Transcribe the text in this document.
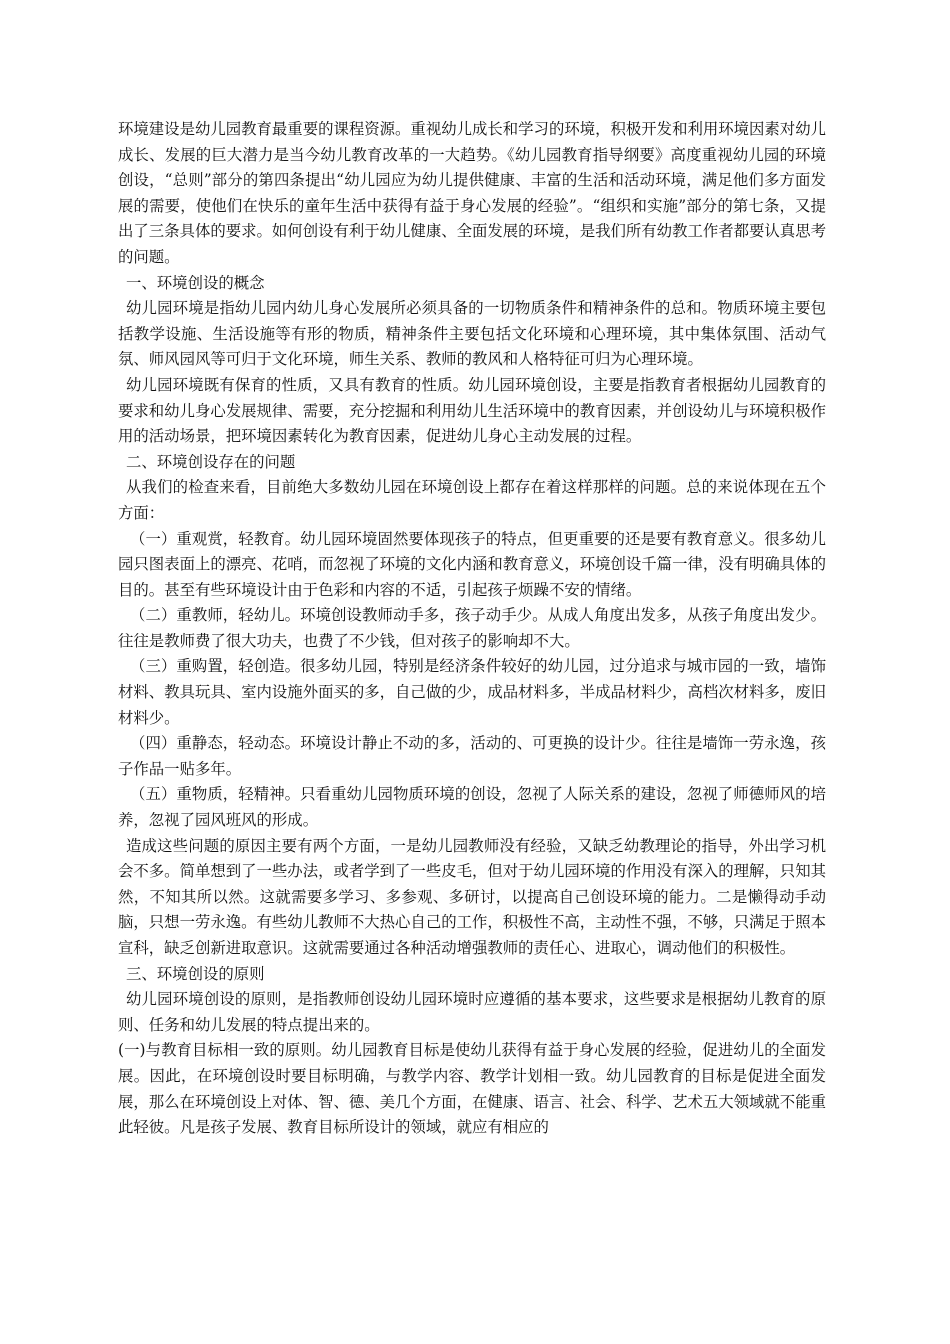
环境建设是幼儿园教育最重要的课程资源。重视幼儿成长和学习的环境，积极开发和利用环境因素对幼儿成长、发展的巨大潜力是当今幼儿教育改革的一大趋势。《幼儿园教育指导纲要》高度重视幼儿园的环境创设，“总则”部分的第四条提出“幼儿园应为幼儿提供健康、丰富的生活和活动环境，满足他们多方面发展的需要，使他们在快乐的童年生活中获得有益于身心发展的经验”。“组织和实施”部分的第七条，又提出了三条具体的要求。如何创设有利于幼儿健康、全面发展的环境，是我们所有幼教工作者都要认真思考的问题。

一、环境创设的概念

幼儿园环境是指幼儿园内幼儿身心发展所必须具备的一切物质条件和精神条件的总和。物质环境主要包括教学设施、生活设施等有形的物质，精神条件主要包括文化环境和心理环境，其中集体氛围、活动气氛、师风园风等可归于文化环境，师生关系、教师的教风和人格特征可归为心理环境。

幼儿园环境既有保育的性质，又具有教育的性质。幼儿园环境创设，主要是指教育者根据幼儿园教育的要求和幼儿身心发展规律、需要，充分挖掘和利用幼儿生活环境中的教育因素，并创设幼儿与环境积极作用的活动场景，把环境因素转化为教育因素，促进幼儿身心主动发展的过程。

二、环境创设存在的问题

从我们的检查来看，目前绝大多数幼儿园在环境创设上都存在着这样那样的问题。总的来说体现在五个方面：

（一）重观赏，轻教育。幼儿园环境固然要体现孩子的特点，但更重要的还是要有教育意义。很多幼儿园只图表面上的漂亮、花哨，而忽视了环境的文化内涵和教育意义，环境创设千篇一律，没有明确具体的目的。甚至有些环境设计由于色彩和内容的不适，引起孩子烦躁不安的情绪。

（二）重教师，轻幼儿。环境创设教师动手多，孩子动手少。从成人角度出发多，从孩子角度出发少。往往是教师费了很大功夫，也费了不少钱，但对孩子的影响却不大。

（三）重购置，轻创造。很多幼儿园，特别是经济条件较好的幼儿园，过分追求与城市园的一致，墙饰材料、教具玩具、室内设施外面买的多，自己做的少，成品材料多，半成品材料少，高档次材料多，废旧材料少。

（四）重静态，轻动态。环境设计静止不动的多，活动的、可更换的设计少。往往是墙饰一劳永逸，孩子作品一贴多年。

（五）重物质，轻精神。只看重幼儿园物质环境的创设，忽视了人际关系的建设，忽视了师德师风的培养，忽视了园风班风的形成。

造成这些问题的原因主要有两个方面，一是幼儿园教师没有经验，又缺乏幼教理论的指导，外出学习机会不多。简单想到了一些办法，或者学到了一些皮毛，但对于幼儿园环境的作用没有深入的理解，只知其然，不知其所以然。这就需要多学习、多参观、多研讨，以提高自己创设环境的能力。二是懒得动手动脑，只想一劳永逸。有些幼儿教师不大热心自己的工作，积极性不高，主动性不强，不够，只满足于照本宣科，缺乏创新进取意识。这就需要通过各种活动增强教师的责任心、进取心，调动他们的积极性。

三、环境创设的原则

幼儿园环境创设的原则，是指教师创设幼儿园环境时应遵循的基本要求，这些要求是根据幼儿教育的原则、任务和幼儿发展的特点提出来的。

(一)与教育目标相一致的原则。幼儿园教育目标是使幼儿获得有益于身心发展的经验，促进幼儿的全面发展。因此，在环境创设时要目标明确，与教学内容、教学计划相一致。幼儿园教育的目标是促进全面发展，那么在环境创设上对体、智、德、美几个方面，在健康、语言、社会、科学、艺术五大领域就不能重此轻彼。凡是孩子发展、教育目标所设计的领域，就应有相应的
